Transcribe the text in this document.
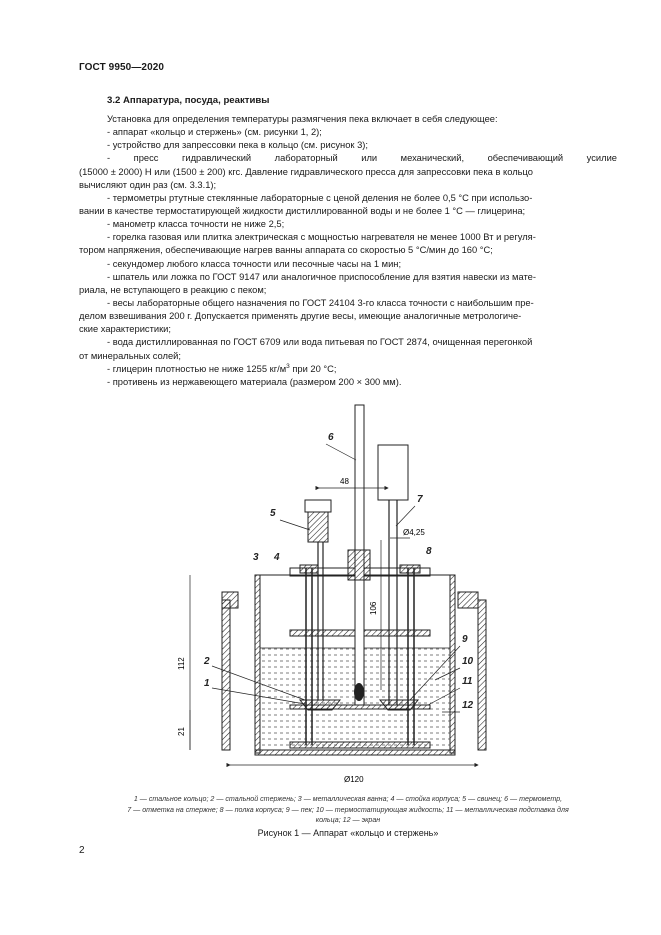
ГОСТ 9950—2020
3.2 Аппаратура, посуда, реактивы
Установка для определения температуры размягчения пека включает в себя следующее:
- аппарат «кольцо и стержень» (см. рисунки 1, 2);
- устройство для запрессовки пека в кольцо (см. рисунок 3);
- пресс гидравлический лабораторный или механический, обеспечивающий усилие
(15000 ± 2000) Н или (1500 ± 200) кгс. Давление гидравлического пресса для запрессовки пека в кольцо
вычисляют один раз (см. 3.3.1);
- термометры ртутные стеклянные лабораторные с ценой деления не более 0,5 °С при использо-
вании в качестве термостатирующей жидкости дистиллированной воды и не более 1 °С — глицерина;
- манометр класса точности не ниже 2,5;
- горелка газовая или плитка электрическая с мощностью нагревателя не менее 1000 Вт и регуля-
тором напряжения, обеспечивающие нагрев ванны аппарата со скоростью 5 °С/мин до 160 °С;
- секундомер любого класса точности или песочные часы на 1 мин;
- шпатель или ложка по ГОСТ 9147 или аналогичное приспособление для взятия навески из мате-
риала, не вступающего в реакцию с пеком;
- весы лабораторные общего назначения по ГОСТ 24104 3-го класса точности с наибольшим пре-
делом взвешивания 200 г. Допускается применять другие весы, имеющие аналогичные метрологиче-
ские характеристики;
- вода дистиллированная по ГОСТ 6709 или вода питьевая по ГОСТ 2874, очищенная перегонкой
от минеральных солей;
- глицерин плотностью не ниже 1255 $кг/м^3$ при 20 °С;
- противень из нержавеющего материала (размером 200 × 300 мм).
48
Ø4,25
106
112
21
Ø120
6
5
3 4
7
8
2
1
9
10
11
12
1 — стальное кольцо; 2 — стальной стержень; 3 — металлическая ванна; 4 — стойка корпуса; 5 — свинец; 6 — термометр,
7 — отметка на стержне; 8 — полка корпуса; 9 — пек; 10 — термостатирующая жидкость; 11 — металлическая подставка для
кольца; 12 — экран
Рисунок 1 — Аппарат «кольцо и стержень»
2
